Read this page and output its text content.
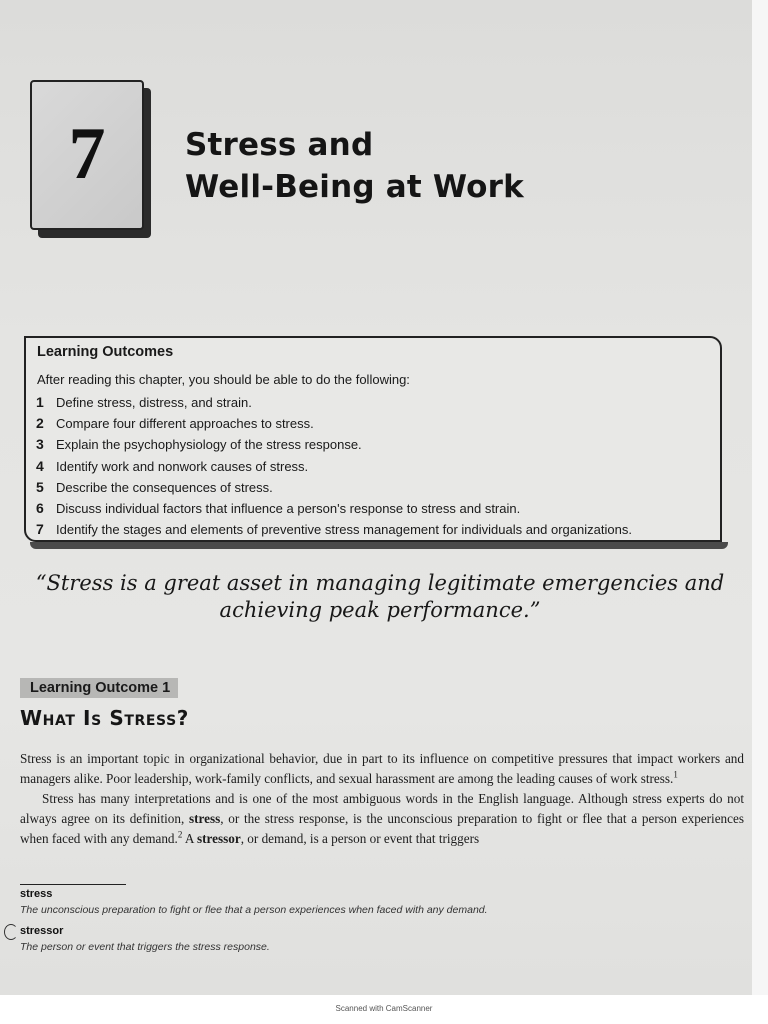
7	Stress and
Well-Being at Work
Learning Outcomes
After reading this chapter, you should be able to do the following:
1 Define stress, distress, and strain.
2 Compare four different approaches to stress.
3 Explain the psychophysiology of the stress response.
4 Identify work and nonwork causes of stress.
5 Describe the consequences of stress.
6 Discuss individual factors that influence a person's response to stress and strain.
7 Identify the stages and elements of preventive stress management for individuals and organizations.
“Stress is a great asset in managing legitimate emergencies and
achieving peak performance.”
Learning Outcome 1
What Is Stress?

Stress is an important topic in organizational behavior, due in part to its influence on competitive pressures that impact workers and managers alike. Poor leadership, work-family conflicts, and sexual harassment are among the leading causes of work stress.$^1$

Stress has many interpretations and is one of the most ambiguous words in the English language. Although stress experts do not always agree on its definition, stress, or the stress response, is the unconscious preparation to fight or flee that a person experiences when faced with any demand.$^2$ A stressor, or demand, is a person or event that triggers

stress
The unconscious preparation to fight or flee that a person experiences when faced with any demand.
stressor
The person or event that triggers the stress response.
Scanned with CamScanner
